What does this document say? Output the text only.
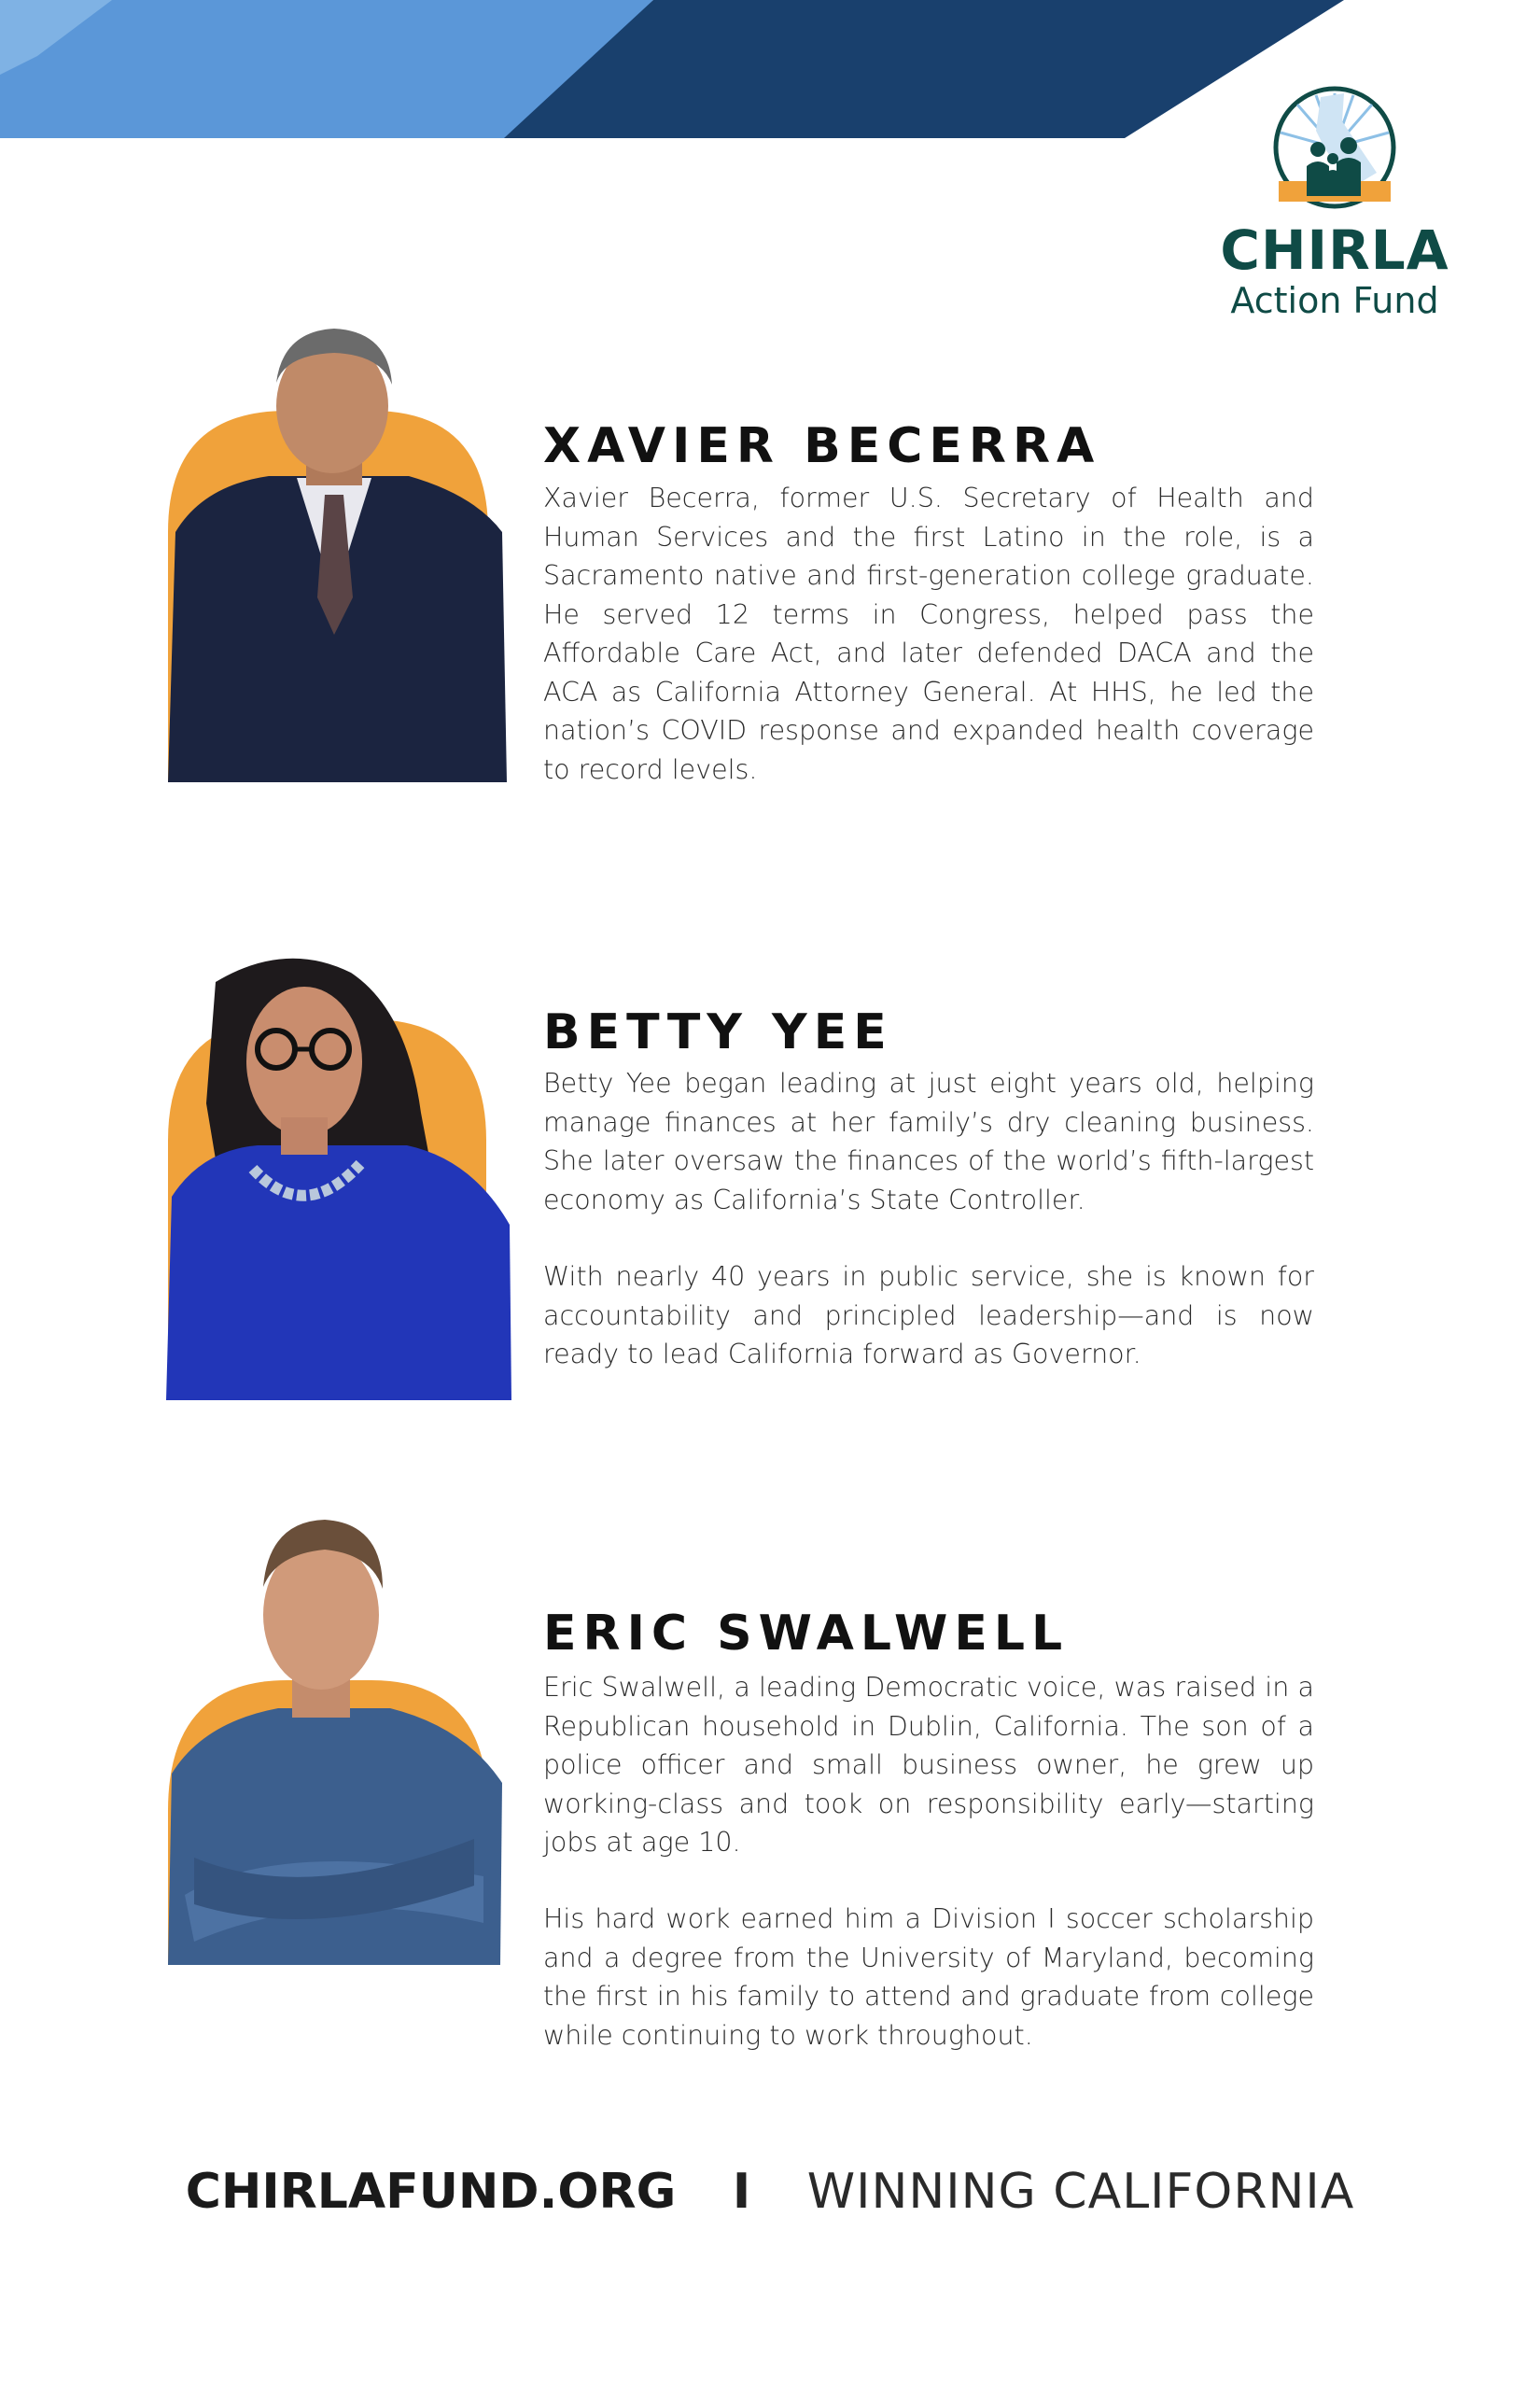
CHIRLA
Action Fund
XAVIER BECERRA

Xavier Becerra, former U.S. Secretary of Health and Human Services and the first Latino in the role, is a Sacramento native and first-generation college graduate. He served 12 terms in Congress, helped pass the Affordable Care Act, and later defended DACA and the ACA as California Attorney General. At HHS, he led the nation’s COVID response and expanded health coverage to record levels.

BETTY YEE

Betty Yee began leading at just eight years old, helping manage finances at her family’s dry cleaning business. She later oversaw the finances of the world’s fifth-largest economy as California’s State Controller.

With nearly 40 years in public service, she is known for accountability and principled leadership—and is now ready to lead California forward as Governor.

ERIC SWALWELL

Eric Swalwell, a leading Democratic voice, was raised in a Republican household in Dublin, California. The son of a police officer and small business owner, he grew up working-class and took on responsibility early—starting jobs at age 10.

His hard work earned him a Division I soccer scholarship and a degree from the University of Maryland, becoming the first in his family to attend and graduate from college while continuing to work throughout.

CHIRLAFUND.ORG I WINNING CALIFORNIA
